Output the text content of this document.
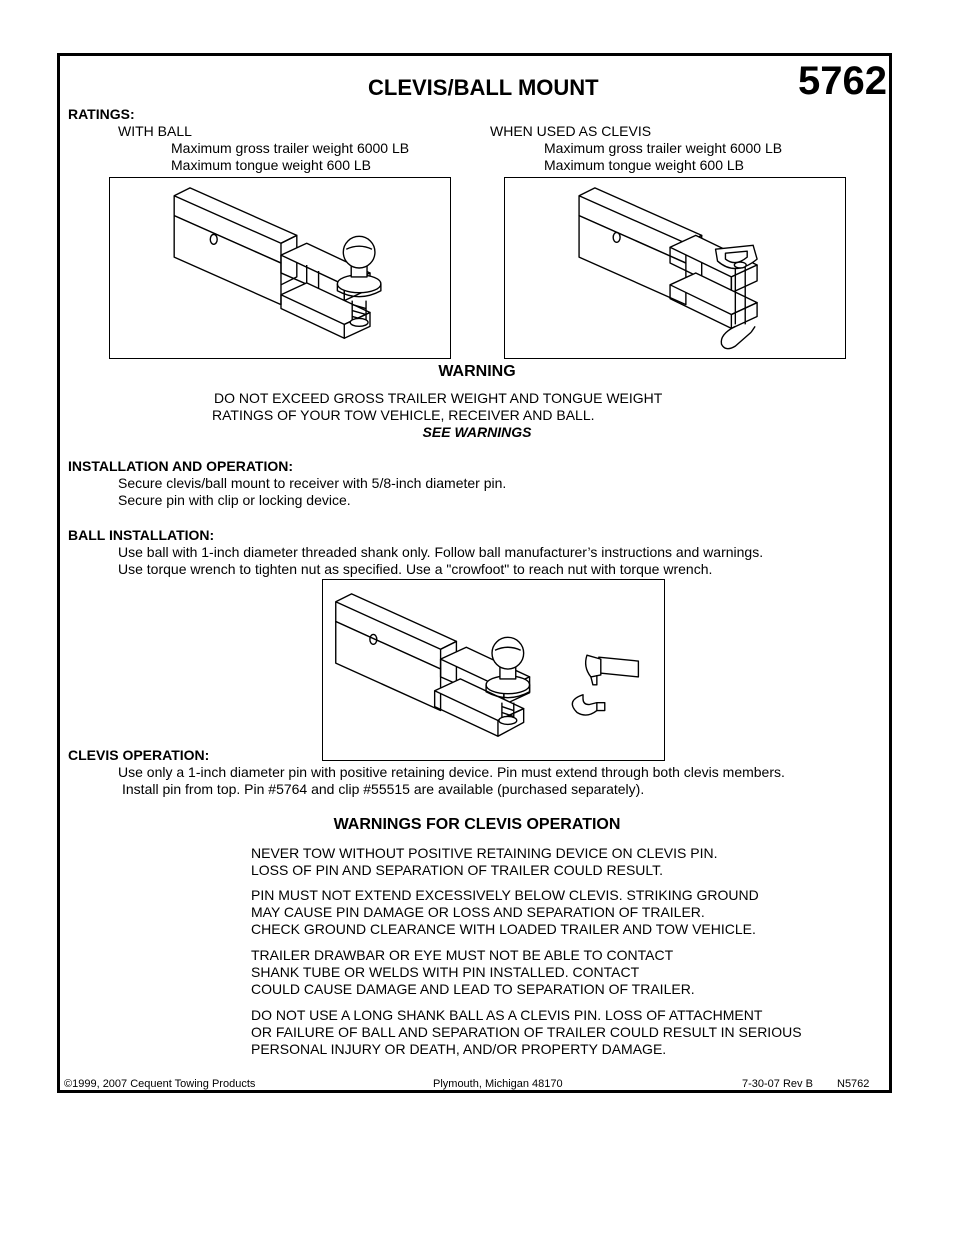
CLEVIS/BALL MOUNT	5762
RATINGS:
WITH BALL
Maximum gross trailer weight 6000 LB
Maximum tongue weight 600 LB
WHEN USED AS CLEVIS
Maximum gross trailer weight 6000 LB
Maximum tongue weight 600 LB
WARNING
DO NOT EXCEED GROSS TRAILER WEIGHT AND TONGUE WEIGHT
RATINGS OF YOUR TOW VEHICLE, RECEIVER AND BALL.
SEE WARNINGS
INSTALLATION AND OPERATION:
Secure clevis/ball mount to receiver with 5/8-inch diameter pin.
Secure pin with clip or locking device.
BALL INSTALLATION:
Use ball with 1-inch diameter threaded shank only. Follow ball manufacturer’s instructions and warnings.
Use torque wrench to tighten nut as specified. Use a "crowfoot" to reach nut with torque wrench.
CLEVIS OPERATION:
Use only a 1-inch diameter pin with positive retaining device. Pin must extend through both clevis members.
Install pin from top. Pin #5764 and clip #55515 are available (purchased separately).
WARNINGS FOR CLEVIS OPERATION
NEVER TOW WITHOUT POSITIVE RETAINING DEVICE ON CLEVIS PIN.
LOSS OF PIN AND SEPARATION OF TRAILER COULD RESULT.
PIN MUST NOT EXTEND EXCESSIVELY BELOW CLEVIS. STRIKING GROUND
MAY CAUSE PIN DAMAGE OR LOSS AND SEPARATION OF TRAILER.
CHECK GROUND CLEARANCE WITH LOADED TRAILER AND TOW VEHICLE.
TRAILER DRAWBAR OR EYE MUST NOT BE ABLE TO CONTACT
SHANK TUBE OR WELDS WITH PIN INSTALLED. CONTACT
COULD CAUSE DAMAGE AND LEAD TO SEPARATION OF TRAILER.
DO NOT USE A LONG SHANK BALL AS A CLEVIS PIN. LOSS OF ATTACHMENT
OR FAILURE OF BALL AND SEPARATION OF TRAILER COULD RESULT IN SERIOUS
PERSONAL INJURY OR DEATH, AND/OR PROPERTY DAMAGE.
©1999, 2007 Cequent Towing Products	Plymouth, Michigan 48170	7-30-07 Rev B N5762
